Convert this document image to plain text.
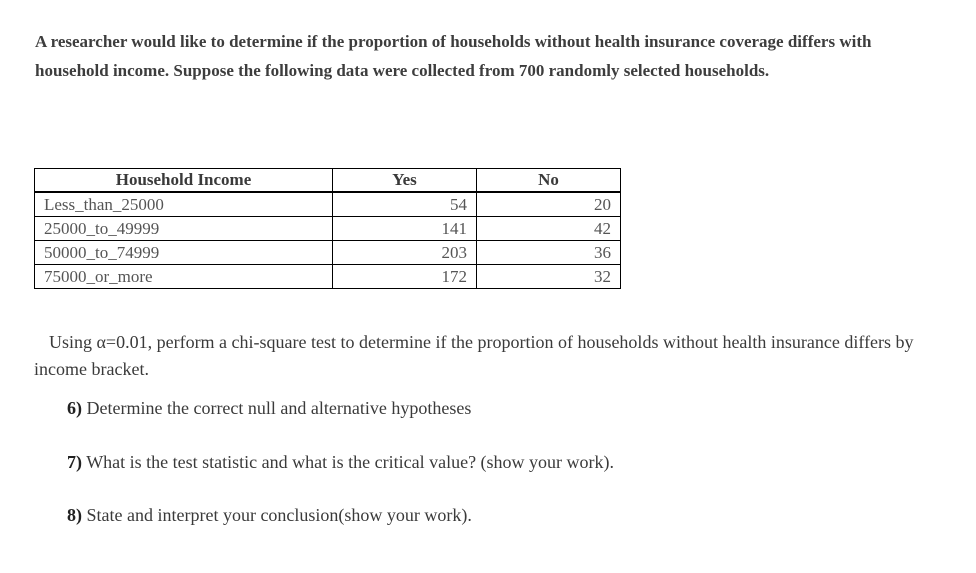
A researcher would like to determine if the proportion of households without health insurance coverage differs with household income. Suppose the following data were collected from 700 randomly selected households.
Household Income	Yes	No
Less_than_25000	54	20
25000_to_49999	141	42
50000_to_74999	203	36
75000_or_more	172	32
Using α=0.01, perform a chi-square test to determine if the proportion of households without health insurance differs by income bracket.
6) Determine the correct null and alternative hypotheses
7) What is the test statistic and what is the critical value? (show your work).
8) State and interpret your conclusion(show your work).
